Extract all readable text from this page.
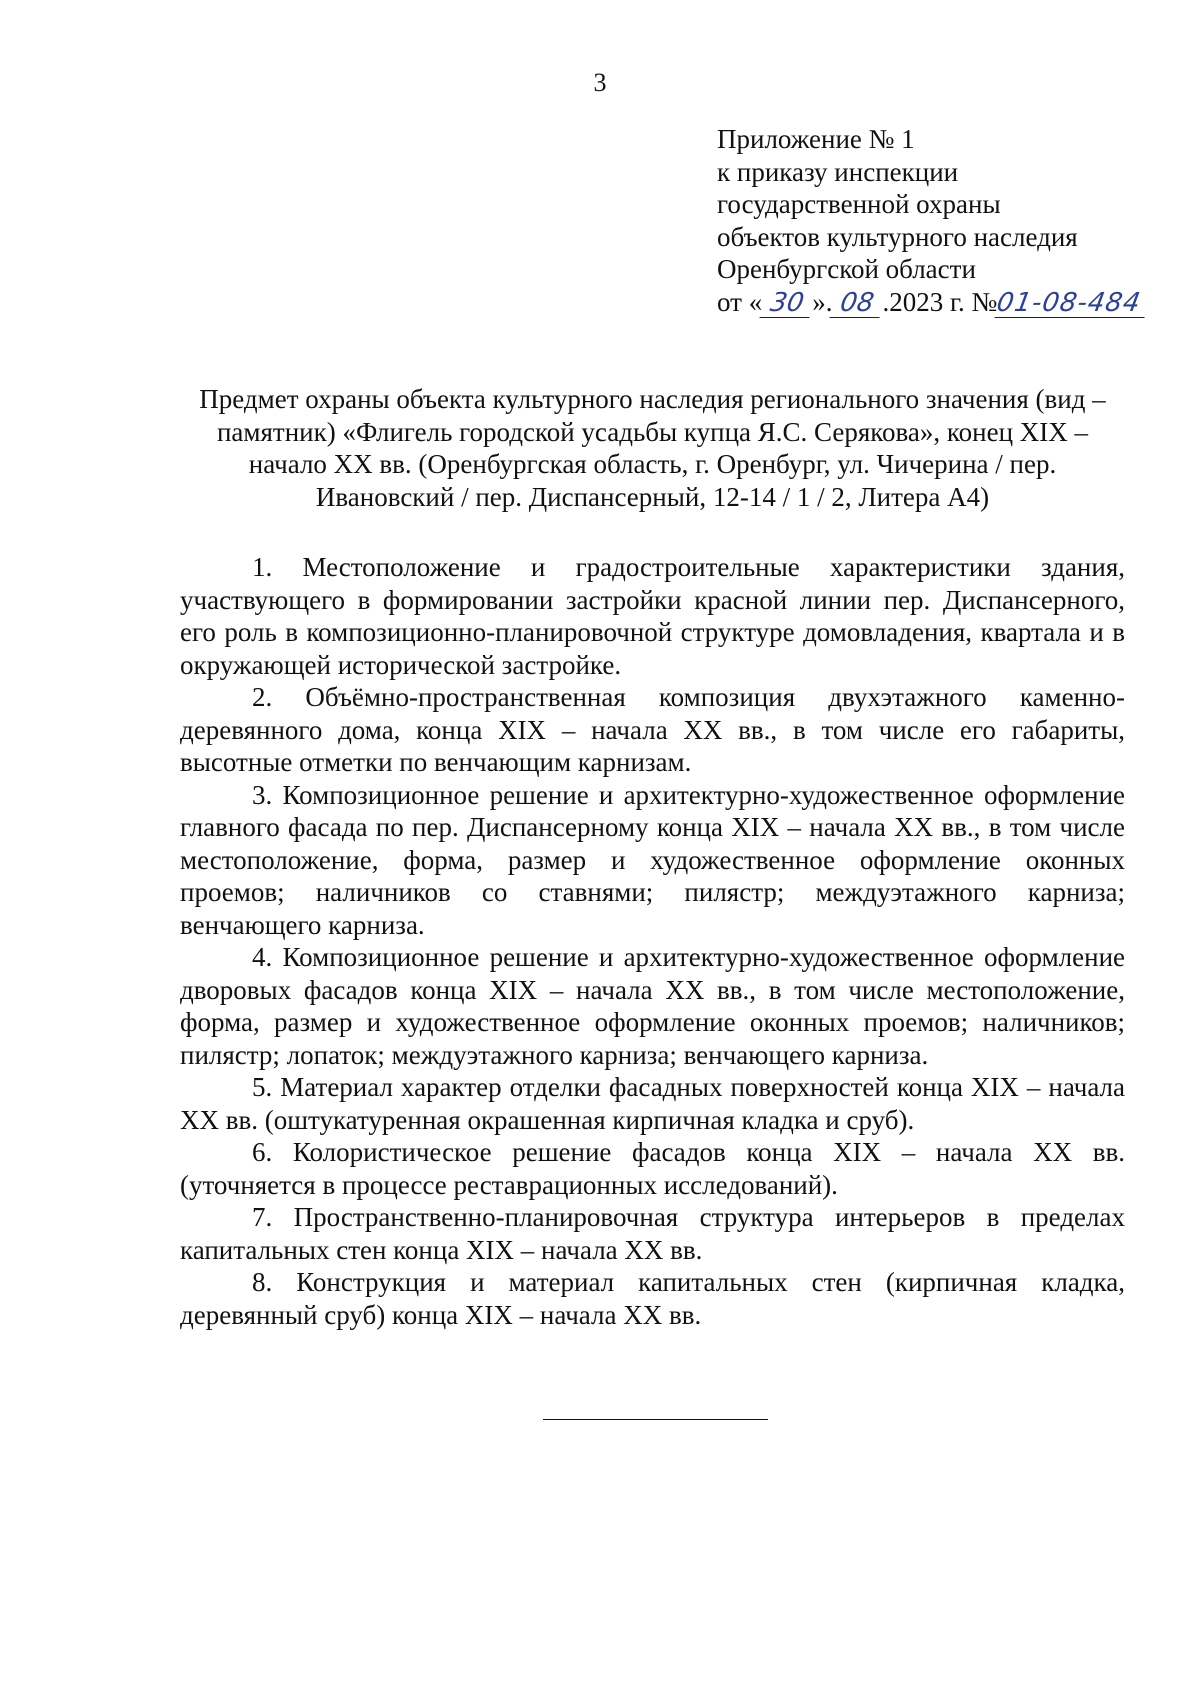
3
Приложение № 1
к приказу инспекции
государственной охраны
объектов культурного наследия
Оренбургской области
от « 30 ». 08 .2023 г. №01-08-484
Предмет охраны объекта культурного наследия регионального значения (вид – памятник) «Флигель городской усадьбы купца Я.С. Серякова», конец XIX – начало XX вв. (Оренбургская область, г. Оренбург, ул. Чичерина / пер. Ивановский / пер. Диспансерный, 12-14 / 1 / 2, Литера А4)

1. Местоположение и градостроительные характеристики здания, участвующего в формировании застройки красной линии пер. Диспансерного, его роль в композиционно-планировочной структуре домовладения, квартала и в окружающей исторической застройке.

2. Объёмно-пространственная композиция двухэтажного каменно-деревянного дома, конца XIX – начала XX вв., в том числе его габариты, высотные отметки по венчающим карнизам.

3. Композиционное решение и архитектурно-художественное оформление главного фасада по пер. Диспансерному конца XIX – начала XX вв., в том числе местоположение, форма, размер и художественное оформление оконных проемов; наличников со ставнями; пилястр; междуэтажного карниза; венчающего карниза.

4. Композиционное решение и архитектурно-художественное оформление дворовых фасадов конца XIX – начала XX вв., в том числе местоположение, форма, размер и художественное оформление оконных проемов; наличников; пилястр; лопаток; междуэтажного карниза; венчающего карниза.

5. Материал характер отделки фасадных поверхностей конца XIX – начала XX вв. (оштукатуренная окрашенная кирпичная кладка и сруб).

6. Колористическое решение фасадов конца XIX – начала XX вв. (уточняется в процессе реставрационных исследований).

7. Пространственно-планировочная структура интерьеров в пределах капитальных стен конца XIX – начала XX вв.

8. Конструкция и материал капитальных стен (кирпичная кладка, деревянный сруб) конца XIX – начала XX вв.
